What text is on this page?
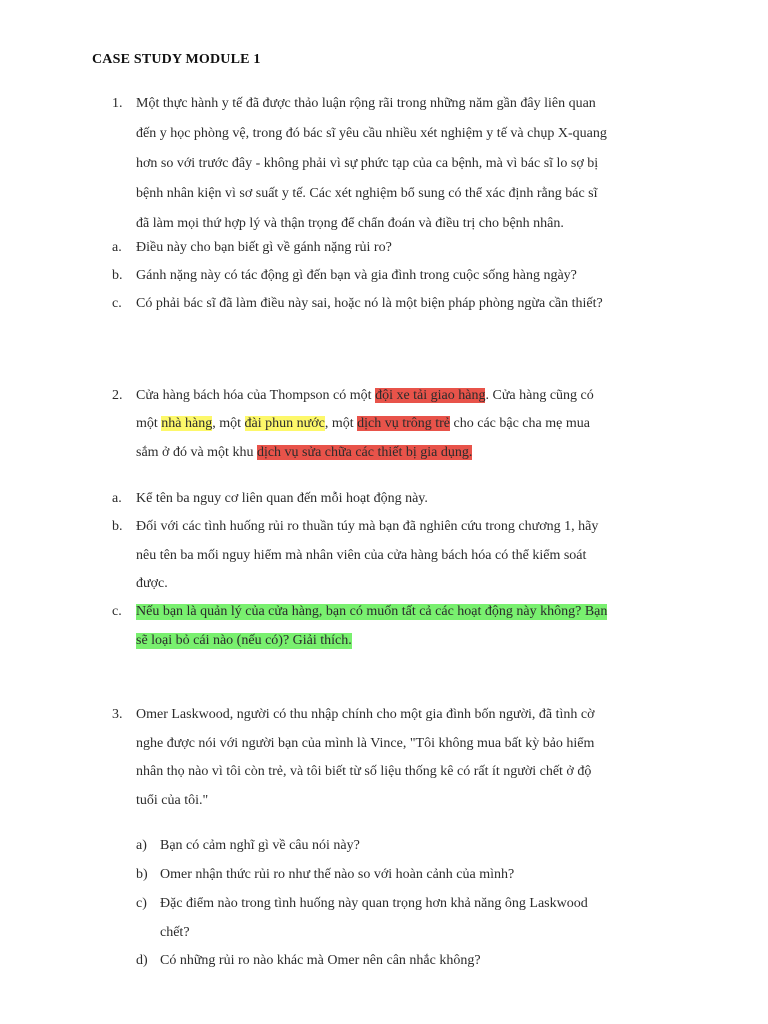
CASE STUDY MODULE 1
1. Một thực hành y tế đã được thảo luận rộng rãi trong những năm gần đây liên quan
đến y học phòng vệ, trong đó bác sĩ yêu cầu nhiều xét nghiệm y tế và chụp X-quang
hơn so với trước đây - không phải vì sự phức tạp của ca bệnh, mà vì bác sĩ lo sợ bị
bệnh nhân kiện vì sơ suất y tế. Các xét nghiệm bổ sung có thể xác định rằng bác sĩ
đã làm mọi thứ hợp lý và thận trọng để chẩn đoán và điều trị cho bệnh nhân.
a. Điều này cho bạn biết gì về gánh nặng rủi ro?
b. Gánh nặng này có tác động gì đến bạn và gia đình trong cuộc sống hàng ngày?
c. Có phải bác sĩ đã làm điều này sai, hoặc nó là một biện pháp phòng ngừa cần thiết?
2. Cửa hàng bách hóa của Thompson có một đội xe tải giao hàng. Cửa hàng cũng có
một nhà hàng, một đài phun nước, một dịch vụ trông trẻ cho các bậc cha mẹ mua
sắm ở đó và một khu dịch vụ sửa chữa các thiết bị gia dụng.
a. Kể tên ba nguy cơ liên quan đến mỗi hoạt động này.
b. Đối với các tình huống rủi ro thuần túy mà bạn đã nghiên cứu trong chương 1, hãy
nêu tên ba mối nguy hiểm mà nhân viên của cửa hàng bách hóa có thể kiểm soát
được.
c. Nếu bạn là quản lý của cửa hàng, bạn có muốn tất cả các hoạt động này không? Bạn
sẽ loại bỏ cái nào (nếu có)? Giải thích.
3. Omer Laskwood, người có thu nhập chính cho một gia đình bốn người, đã tình cờ
nghe được nói với người bạn của mình là Vince, "Tôi không mua bất kỳ bảo hiểm
nhân thọ nào vì tôi còn trẻ, và tôi biết từ số liệu thống kê có rất ít người chết ở độ
tuổi của tôi."
a) Bạn có cảm nghĩ gì về câu nói này?
b) Omer nhận thức rủi ro như thế nào so với hoàn cảnh của mình?
c) Đặc điểm nào trong tình huống này quan trọng hơn khả năng ông Laskwood
chết?
d) Có những rủi ro nào khác mà Omer nên cân nhắc không?
